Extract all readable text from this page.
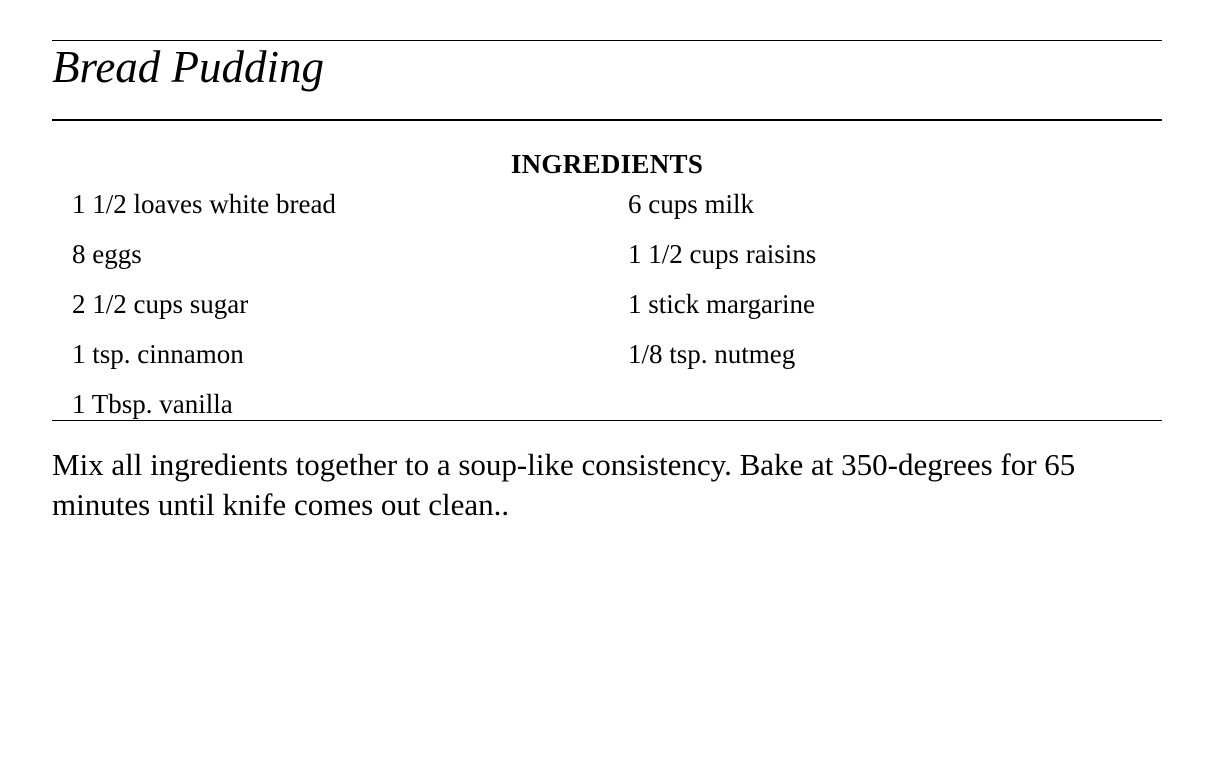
Bread Pudding
INGREDIENTS
1 1/2 loaves white bread	6 cups milk
8 eggs	1 1/2 cups raisins
2 1/2 cups sugar	1 stick margarine
1 tsp. cinnamon	1/8 tsp. nutmeg
1 Tbsp. vanilla

Mix all ingredients together to a soup-like consistency. Bake at 350-degrees for 65 minutes until knife comes out clean..
